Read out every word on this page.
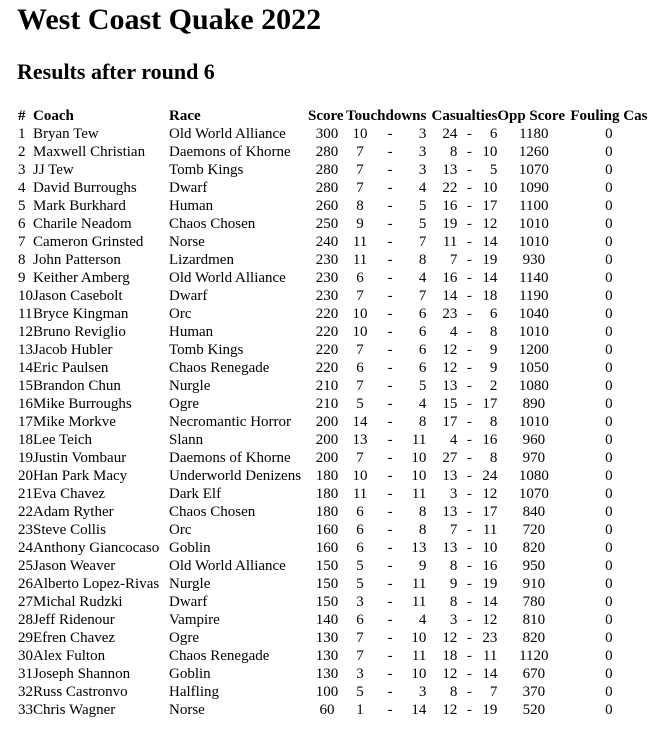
West Coast Quake 2022
Results after round 6
#	Coach	Race	Score	Touchdowns			Casualties			Opp Score	Fouling Cas
1	Bryan Tew	Old World Alliance	300	10	-	3	24	-	6	1180	0
2	Maxwell Christian	Daemons of Khorne	280	7	-	3	8	-	10	1260	0
3	JJ Tew	Tomb Kings	280	7	-	3	13	-	5	1070	0
4	David Burroughs	Dwarf	280	7	-	4	22	-	10	1090	0
5	Mark Burkhard	Human	260	8	-	5	16	-	17	1100	0
6	Charile Neadom	Chaos Chosen	250	9	-	5	19	-	12	1010	0
7	Cameron Grinsted	Norse	240	11	-	7	11	-	14	1010	0
8	John Patterson	Lizardmen	230	11	-	8	7	-	19	930	0
9	Keither Amberg	Old World Alliance	230	6	-	4	16	-	14	1140	0
10	Jason Casebolt	Dwarf	230	7	-	7	14	-	18	1190	0
11	Bryce Kingman	Orc	220	10	-	6	23	-	6	1040	0
12	Bruno Reviglio	Human	220	10	-	6	4	-	8	1010	0
13	Jacob Hubler	Tomb Kings	220	7	-	6	12	-	9	1200	0
14	Eric Paulsen	Chaos Renegade	220	6	-	6	12	-	9	1050	0
15	Brandon Chun	Nurgle	210	7	-	5	13	-	2	1080	0
16	Mike Burroughs	Ogre	210	5	-	4	15	-	17	890	0
17	Mike Morkve	Necromantic Horror	200	14	-	8	17	-	8	1010	0
18	Lee Teich	Slann	200	13	-	11	4	-	16	960	0
19	Justin Vombaur	Daemons of Khorne	200	7	-	10	27	-	8	970	0
20	Han Park Macy	Underworld Denizens	180	10	-	10	13	-	24	1080	0
21	Eva Chavez	Dark Elf	180	11	-	11	3	-	12	1070	0
22	Adam Ryther	Chaos Chosen	180	6	-	8	13	-	17	840	0
23	Steve Collis	Orc	160	6	-	8	7	-	11	720	0
24	Anthony Giancocaso	Goblin	160	6	-	13	13	-	10	820	0
25	Jason Weaver	Old World Alliance	150	5	-	9	8	-	16	950	0
26	Alberto Lopez-Rivas	Nurgle	150	5	-	11	9	-	19	910	0
27	Michal Rudzki	Dwarf	150	3	-	11	8	-	14	780	0
28	Jeff Ridenour	Vampire	140	6	-	4	3	-	12	810	0
29	Efren Chavez	Ogre	130	7	-	10	12	-	23	820	0
30	Alex Fulton	Chaos Renegade	130	7	-	11	18	-	11	1120	0
31	Joseph Shannon	Goblin	130	3	-	10	12	-	14	670	0
32	Russ Castronvo	Halfling	100	5	-	3	8	-	7	370	0
33	Chris Wagner	Norse	60	1	-	14	12	-	19	520	0
